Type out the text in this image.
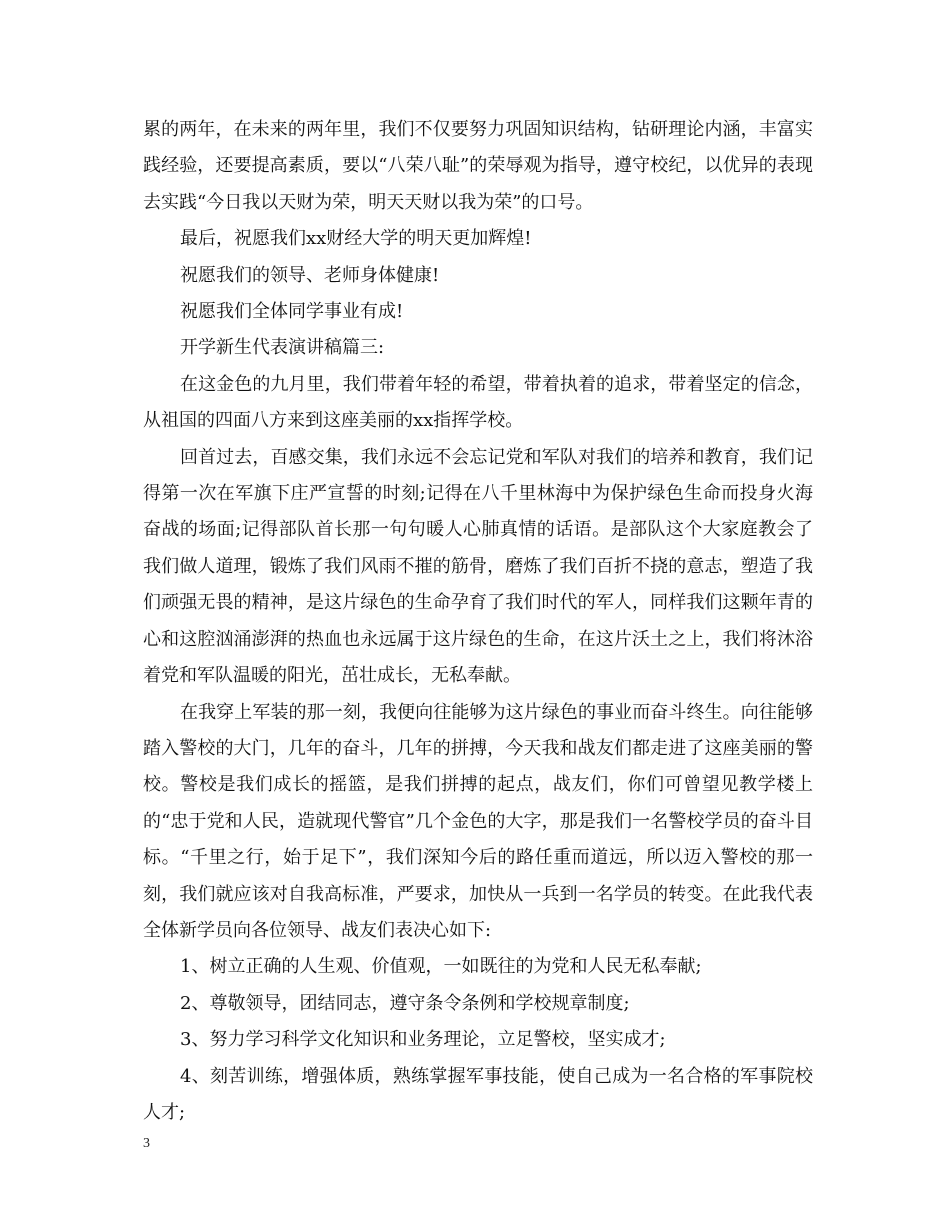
累的两年，在未来的两年里，我们不仅要努力巩固知识结构，钻研理论内涵，丰富实践经验，还要提高素质，要以“八荣八耻”的荣辱观为指导，遵守校纪，以优异的表现去实践“今日我以天财为荣，明天天财以我为荣”的口号。

最后，祝愿我们xx财经大学的明天更加辉煌!

祝愿我们的领导、老师身体健康!

祝愿我们全体同学事业有成!

开学新生代表演讲稿篇三:

在这金色的九月里，我们带着年轻的希望，带着执着的追求，带着坚定的信念，从祖国的四面八方来到这座美丽的xx指挥学校。

回首过去，百感交集，我们永远不会忘记党和军队对我们的培养和教育，我们记得第一次在军旗下庄严宣誓的时刻;记得在八千里林海中为保护绿色生命而投身火海奋战的场面;记得部队首长那一句句暖人心肺真情的话语。是部队这个大家庭教会了我们做人道理，锻炼了我们风雨不摧的筋骨，磨炼了我们百折不挠的意志，塑造了我们顽强无畏的精神，是这片绿色的生命孕育了我们时代的军人，同样我们这颗年青的心和这腔汹涌澎湃的热血也永远属于这片绿色的生命，在这片沃土之上，我们将沐浴着党和军队温暖的阳光，茁壮成长，无私奉献。

在我穿上军装的那一刻，我便向往能够为这片绿色的事业而奋斗终生。向往能够踏入警校的大门，几年的奋斗，几年的拼搏，今天我和战友们都走进了这座美丽的警校。警校是我们成长的摇篮，是我们拼搏的起点，战友们，你们可曾望见教学楼上的“忠于党和人民，造就现代警官”几个金色的大字，那是我们一名警校学员的奋斗目标。“千里之行，始于足下”，我们深知今后的路任重而道远，所以迈入警校的那一刻，我们就应该对自我高标准，严要求，加快从一兵到一名学员的转变。在此我代表全体新学员向各位领导、战友们表决心如下:

1、树立正确的人生观、价值观，一如既往的为党和人民无私奉献;

2、尊敬领导，团结同志，遵守条令条例和学校规章制度;

3、努力学习科学文化知识和业务理论，立足警校，坚实成才;

4、刻苦训练，增强体质，熟练掌握军事技能，使自己成为一名合格的军事院校人才;

3
